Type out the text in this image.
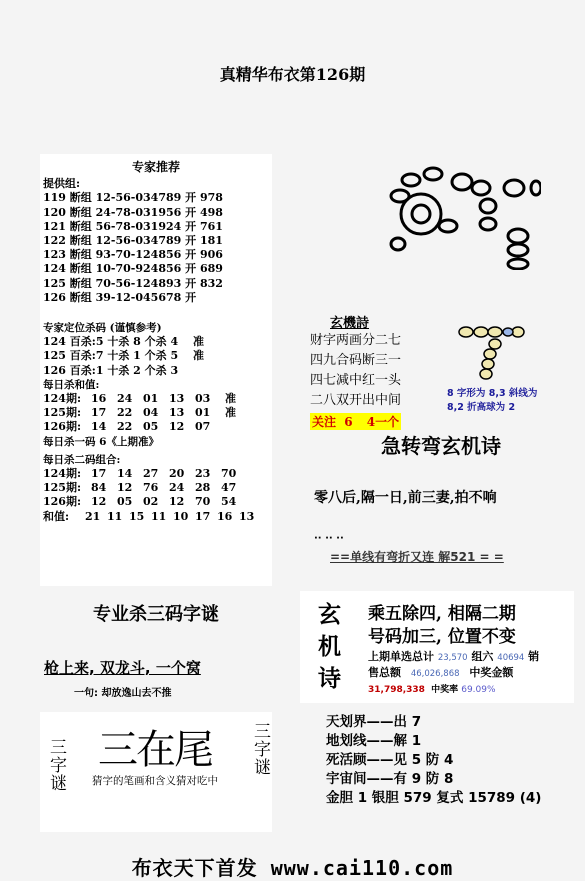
真精华布衣第126期
专家推荐
提供组:
119 断组 12-56-034789 开 978
120 断组 24-78-031956 开 498
121 断组 56-78-031924 开 761
122 断组 12-56-034789 开 181
123 断组 93-70-124856 开 906
124 断组 10-70-924856 开 689
125 断组 70-56-124893 开 832
126 断组 39-12-045678 开
专家定位杀码 (谨慎参考)
124 百杀:5 十杀 8 个杀 4	准
125 百杀:7 十杀 1 个杀 5	准
126 百杀:1 十杀 2 个杀 3
每日杀和值:
124期: 16 24 01 13 03	准
125期: 17 22 04 13 01	准
126期: 14 22 05 12 07
每日杀一码 6《上期准》
每日杀二码组合:
124期: 17 14 27 20 23 70
125期: 84 12 76 24 28 47
126期: 12 05 02 12 70 54
和值:	21 11 15 11 10 17 16 13
专业杀三码字谜
枪上来, 双龙斗, 一个窝
一句: 却放逸山去不推
三字谜 三在尾
猜字的笔画和含义猜对吃中
三字谜
玄機詩
财字两画分二七
四九合码断三一
四七减中红一头
二八双开出中间
关注 6 4一个
8 字形为 8,3 斜线为
8,2 折高球为 2
急转弯玄机诗
零八后,隔一日,前三妻,拍不响
·· ·· ··
==单线有弯折又连 解521 = =
玄机诗
乘五除四, 相隔二期
号码加三, 位置不变
上期单选总计 23,570 组六 40694 销
售总额 46,026,868 中奖金额
31,798,338 中奖率 69.09%
天划界——出 7
地划线——解 1
死活顾——见 5 防 4
宇宙间——有 9 防 8
金胆 1 银胆 579 复式 15789 (4)
布衣天下首发 www.cai110.com
